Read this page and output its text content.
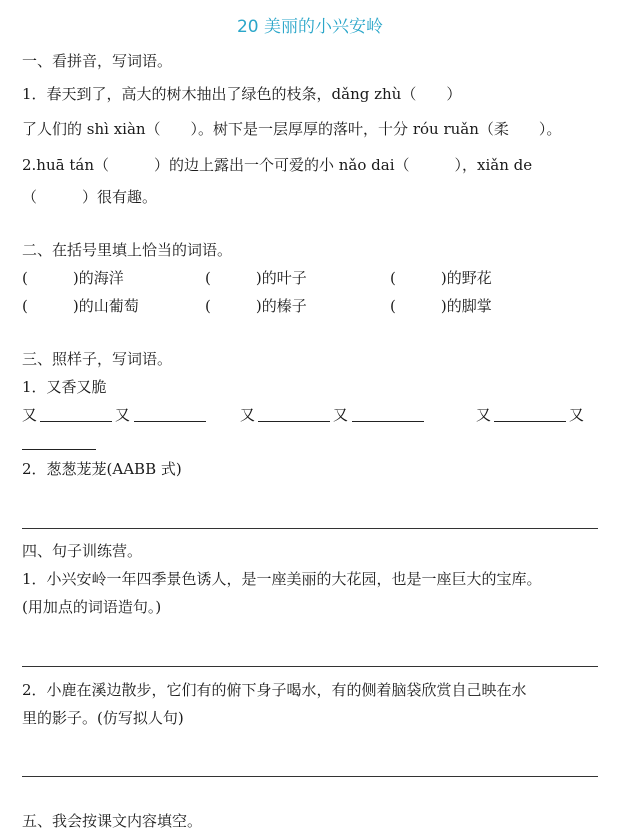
20 美丽的小兴安岭
一、看拼音，写词语。
1．春天到了，高大的树木抽出了绿色的枝条，dǎng zhù（　　）
了人们的 shì xiàn（　　）。树下是一层厚厚的落叶，十分 róu ruǎn（柔　　）。
2.huā tán（　　　）的边上露出一个可爱的小 nǎo dai（　　　），xiǎn de
（　　　）很有趣。
二、在括号里填上恰当的词语。
(　　　)的海洋	(　　　)的叶子	(　　　)的野花
(　　　)的山葡萄	(　　　)的榛子	(　　　)的脚掌
三、照样子，写词语。
1．又香又脆
又	又	又	又	又	又
2．葱葱茏茏(AABB 式)
四、句子训练营。
1．小兴安岭一年四季景色诱人，是一座美丽的大花园，也是一座巨大的宝库。
(用加点的词语造句。)
2．小鹿在溪边散步，它们有的俯下身子喝水，有的侧着脑袋欣赏自己映在水
里的影子。(仿写拟人句)
五、我会按课文内容填空。
